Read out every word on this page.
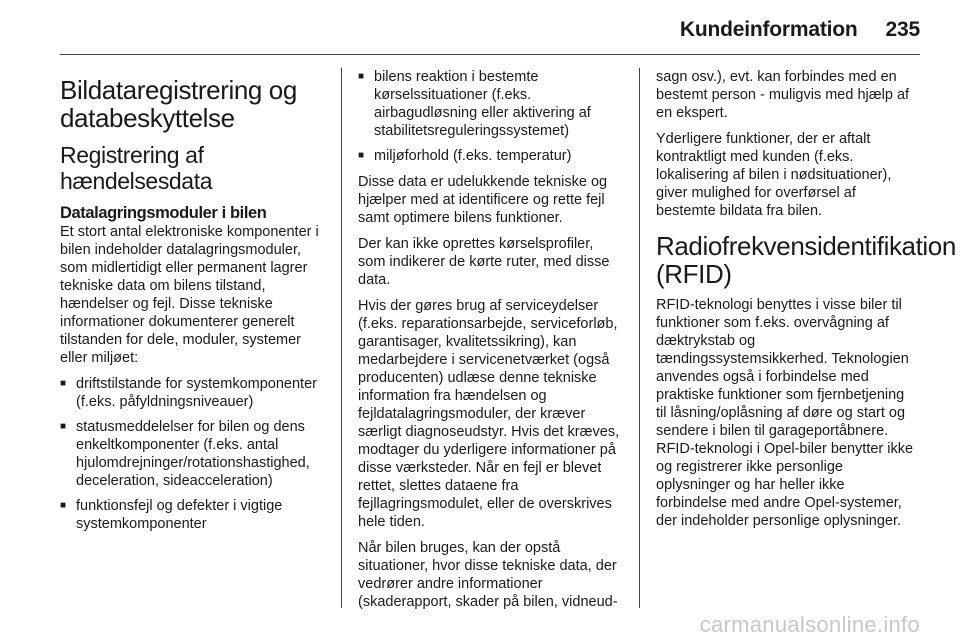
Kundeinformation 235
Bildataregistrering og databeskyttelse
Registrering af hændelsesdata
Datalagringsmoduler i bilen

Et stort antal elektroniske komponenter i bilen indeholder datalagringsmoduler, som midlertidigt eller permanent lagrer tekniske data om bilens tilstand, hændelser og fejl. Disse tekniske informationer dokumenterer generelt tilstanden for dele, moduler, systemer eller miljøet:

■ driftstilstande for systemkomponenter (f.eks. påfyldningsniveauer)
■ statusmeddelelser for bilen og dens enkeltkomponenter (f.eks. antal hjulomdrejninger/rotationshastighed, deceleration, sideacceleration)
■ funktionsfejl og defekter i vigtige systemkomponenter
■ bilens reaktion i bestemte kørselssituationer (f.eks. airbagudløsning eller aktivering af stabilitetsreguleringssystemet)
■ miljøforhold (f.eks. temperatur)

Disse data er udelukkende tekniske og hjælper med at identificere og rette fejl samt optimere bilens funktioner.

Der kan ikke oprettes kørselsprofiler, som indikerer de kørte ruter, med disse data.

Hvis der gøres brug af serviceydelser (f.eks. reparationsarbejde, serviceforløb, garantisager, kvalitetssikring), kan medarbejdere i servicenetværket (også producenten) udlæse denne tekniske information fra hændelsen og fejldatalagringsmoduler, der kræver særligt diagnoseudstyr. Hvis det kræves, modtager du yderligere informationer på disse værksteder. Når en fejl er blevet rettet, slettes dataene fra fejllagringsmodulet, eller de overskrives hele tiden.

Når bilen bruges, kan der opstå situationer, hvor disse tekniske data, der vedrører andre informationer (skaderapport, skader på bilen, vidneud-

sagn osv.), evt. kan forbindes med en bestemt person - muligvis med hjælp af en ekspert.

Yderligere funktioner, der er aftalt kontraktligt med kunden (f.eks. lokalisering af bilen i nødsituationer), giver mulighed for overførsel af bestemte bildata fra bilen.

Radiofrekvensidentifikation (RFID)

RFID-teknologi benyttes i visse biler til funktioner som f.eks. overvågning af dæktrykstab og tændingssystemsikkerhed. Teknologien anvendes også i forbindelse med praktiske funktioner som fjernbetjening til låsning/oplåsning af døre og start og sendere i bilen til garageportåbnere. RFID-teknologi i Opel-biler benytter ikke og registrerer ikke personlige oplysninger og har heller ikke forbindelse med andre Opel-systemer, der indeholder personlige oplysninger.

carmanualsonline.info
